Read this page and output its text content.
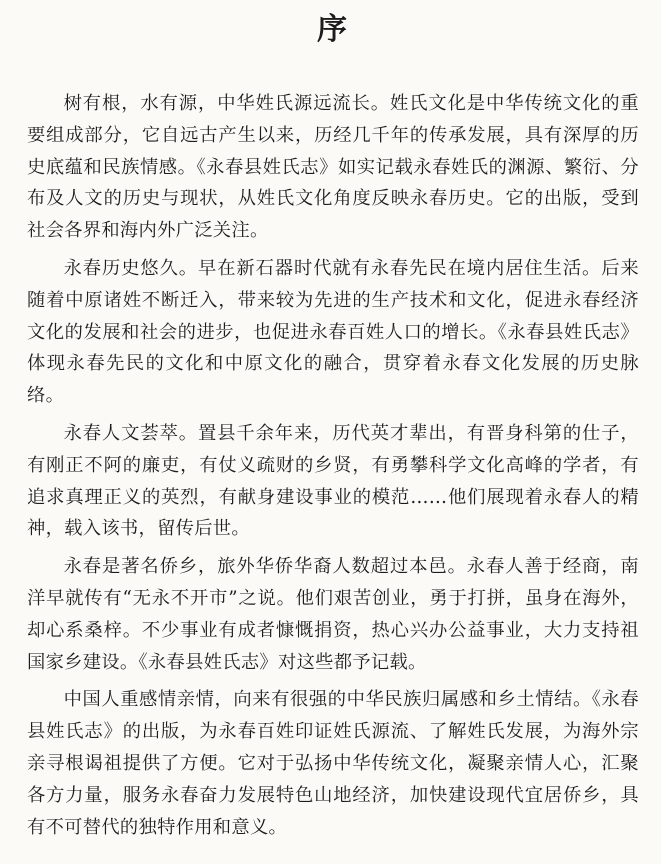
序

树有根，水有源，中华姓氏源远流长。姓氏文化是中华传统文化的重要组成部分，它自远古产生以来，历经几千年的传承发展，具有深厚的历史底蕴和民族情感。《永春县姓氏志》如实记载永春姓氏的渊源、繁衍、分布及人文的历史与现状，从姓氏文化角度反映永春历史。它的出版，受到社会各界和海内外广泛关注。

永春历史悠久。早在新石器时代就有永春先民在境内居住生活。后来随着中原诸姓不断迁入，带来较为先进的生产技术和文化，促进永春经济文化的发展和社会的进步，也促进永春百姓人口的增长。《永春县姓氏志》体现永春先民的文化和中原文化的融合，贯穿着永春文化发展的历史脉络。

永春人文荟萃。置县千余年来，历代英才辈出，有晋身科第的仕子，有刚正不阿的廉吏，有仗义疏财的乡贤，有勇攀科学文化高峰的学者，有追求真理正义的英烈，有献身建设事业的模范……他们展现着永春人的精神，载入该书，留传后世。

永春是著名侨乡，旅外华侨华裔人数超过本邑。永春人善于经商，南洋早就传有“无永不开市”之说。他们艰苦创业，勇于打拼，虽身在海外，却心系桑梓。不少事业有成者慷慨捐资，热心兴办公益事业，大力支持祖国家乡建设。《永春县姓氏志》对这些都予记载。

中国人重感情亲情，向来有很强的中华民族归属感和乡土情结。《永春县姓氏志》的出版，为永春百姓印证姓氏源流、了解姓氏发展，为海外宗亲寻根谒祖提供了方便。它对于弘扬中华传统文化，凝聚亲情人心，汇聚各方力量，服务永春奋力发展特色山地经济，加快建设现代宜居侨乡，具有不可替代的独特作用和意义。
